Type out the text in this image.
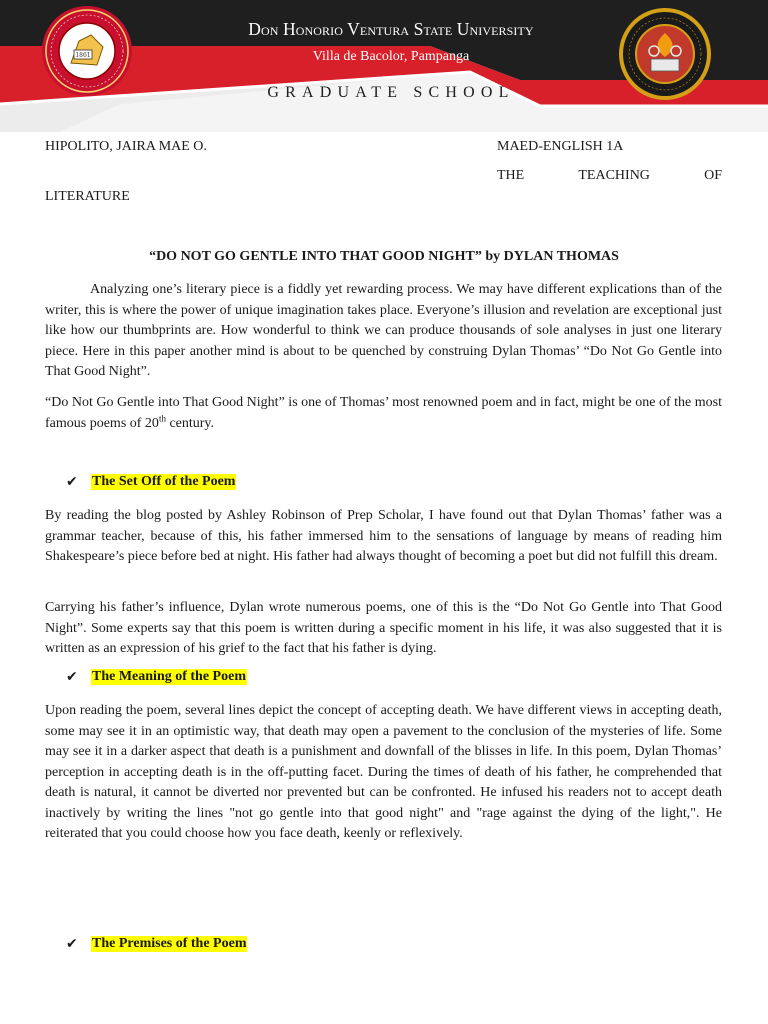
1861
Don Honorio Ventura State University
Villa de Bacolor, Pampanga
GRADUATE SCHOOL
HIPOLITO, JAIRA MAE O.	MAED-ENGLISH 1A
THE	TEACHING	OF
LITERATURE
“DO NOT GO GENTLE INTO THAT GOOD NIGHT” by DYLAN THOMAS

Analyzing one’s literary piece is a fiddly yet rewarding process. We may have different explications than of the writer, this is where the power of unique imagination takes place. Everyone’s illusion and revelation are exceptional just like how our thumbprints are. How wonderful to think we can produce thousands of sole analyses in just one literary piece. Here in this paper another mind is about to be quenched by construing Dylan Thomas’ “Do Not Go Gentle into That Good Night”.

“Do Not Go Gentle into That Good Night” is one of Thomas’ most renowned poem and in fact, might be one of the most famous poems of 20th century.

✔	The Set Off of the Poem

By reading the blog posted by Ashley Robinson of Prep Scholar, I have found out that Dylan Thomas’ father was a grammar teacher, because of this, his father immersed him to the sensations of language by means of reading him Shakespeare’s piece before bed at night. His father had always thought of becoming a poet but did not fulfill this dream.

Carrying his father’s influence, Dylan wrote numerous poems, one of this is the “Do Not Go Gentle into That Good Night”. Some experts say that this poem is written during a specific moment in his life, it was also suggested that it is written as an expression of his grief to the fact that his father is dying.

✔	The Meaning of the Poem

Upon reading the poem, several lines depict the concept of accepting death. We have different views in accepting death, some may see it in an optimistic way, that death may open a pavement to the conclusion of the mysteries of life. Some may see it in a darker aspect that death is a punishment and downfall of the blisses in life. In this poem, Dylan Thomas’ perception in accepting death is in the off-putting facet. During the times of death of his father, he comprehended that death is natural, it cannot be diverted nor prevented but can be confronted. He infused his readers not to accept death inactively by writing the lines "not go gentle into that good night" and "rage against the dying of the light,". He reiterated that you could choose how you face death, keenly or reflexively.

✔	The Premises of the Poem
